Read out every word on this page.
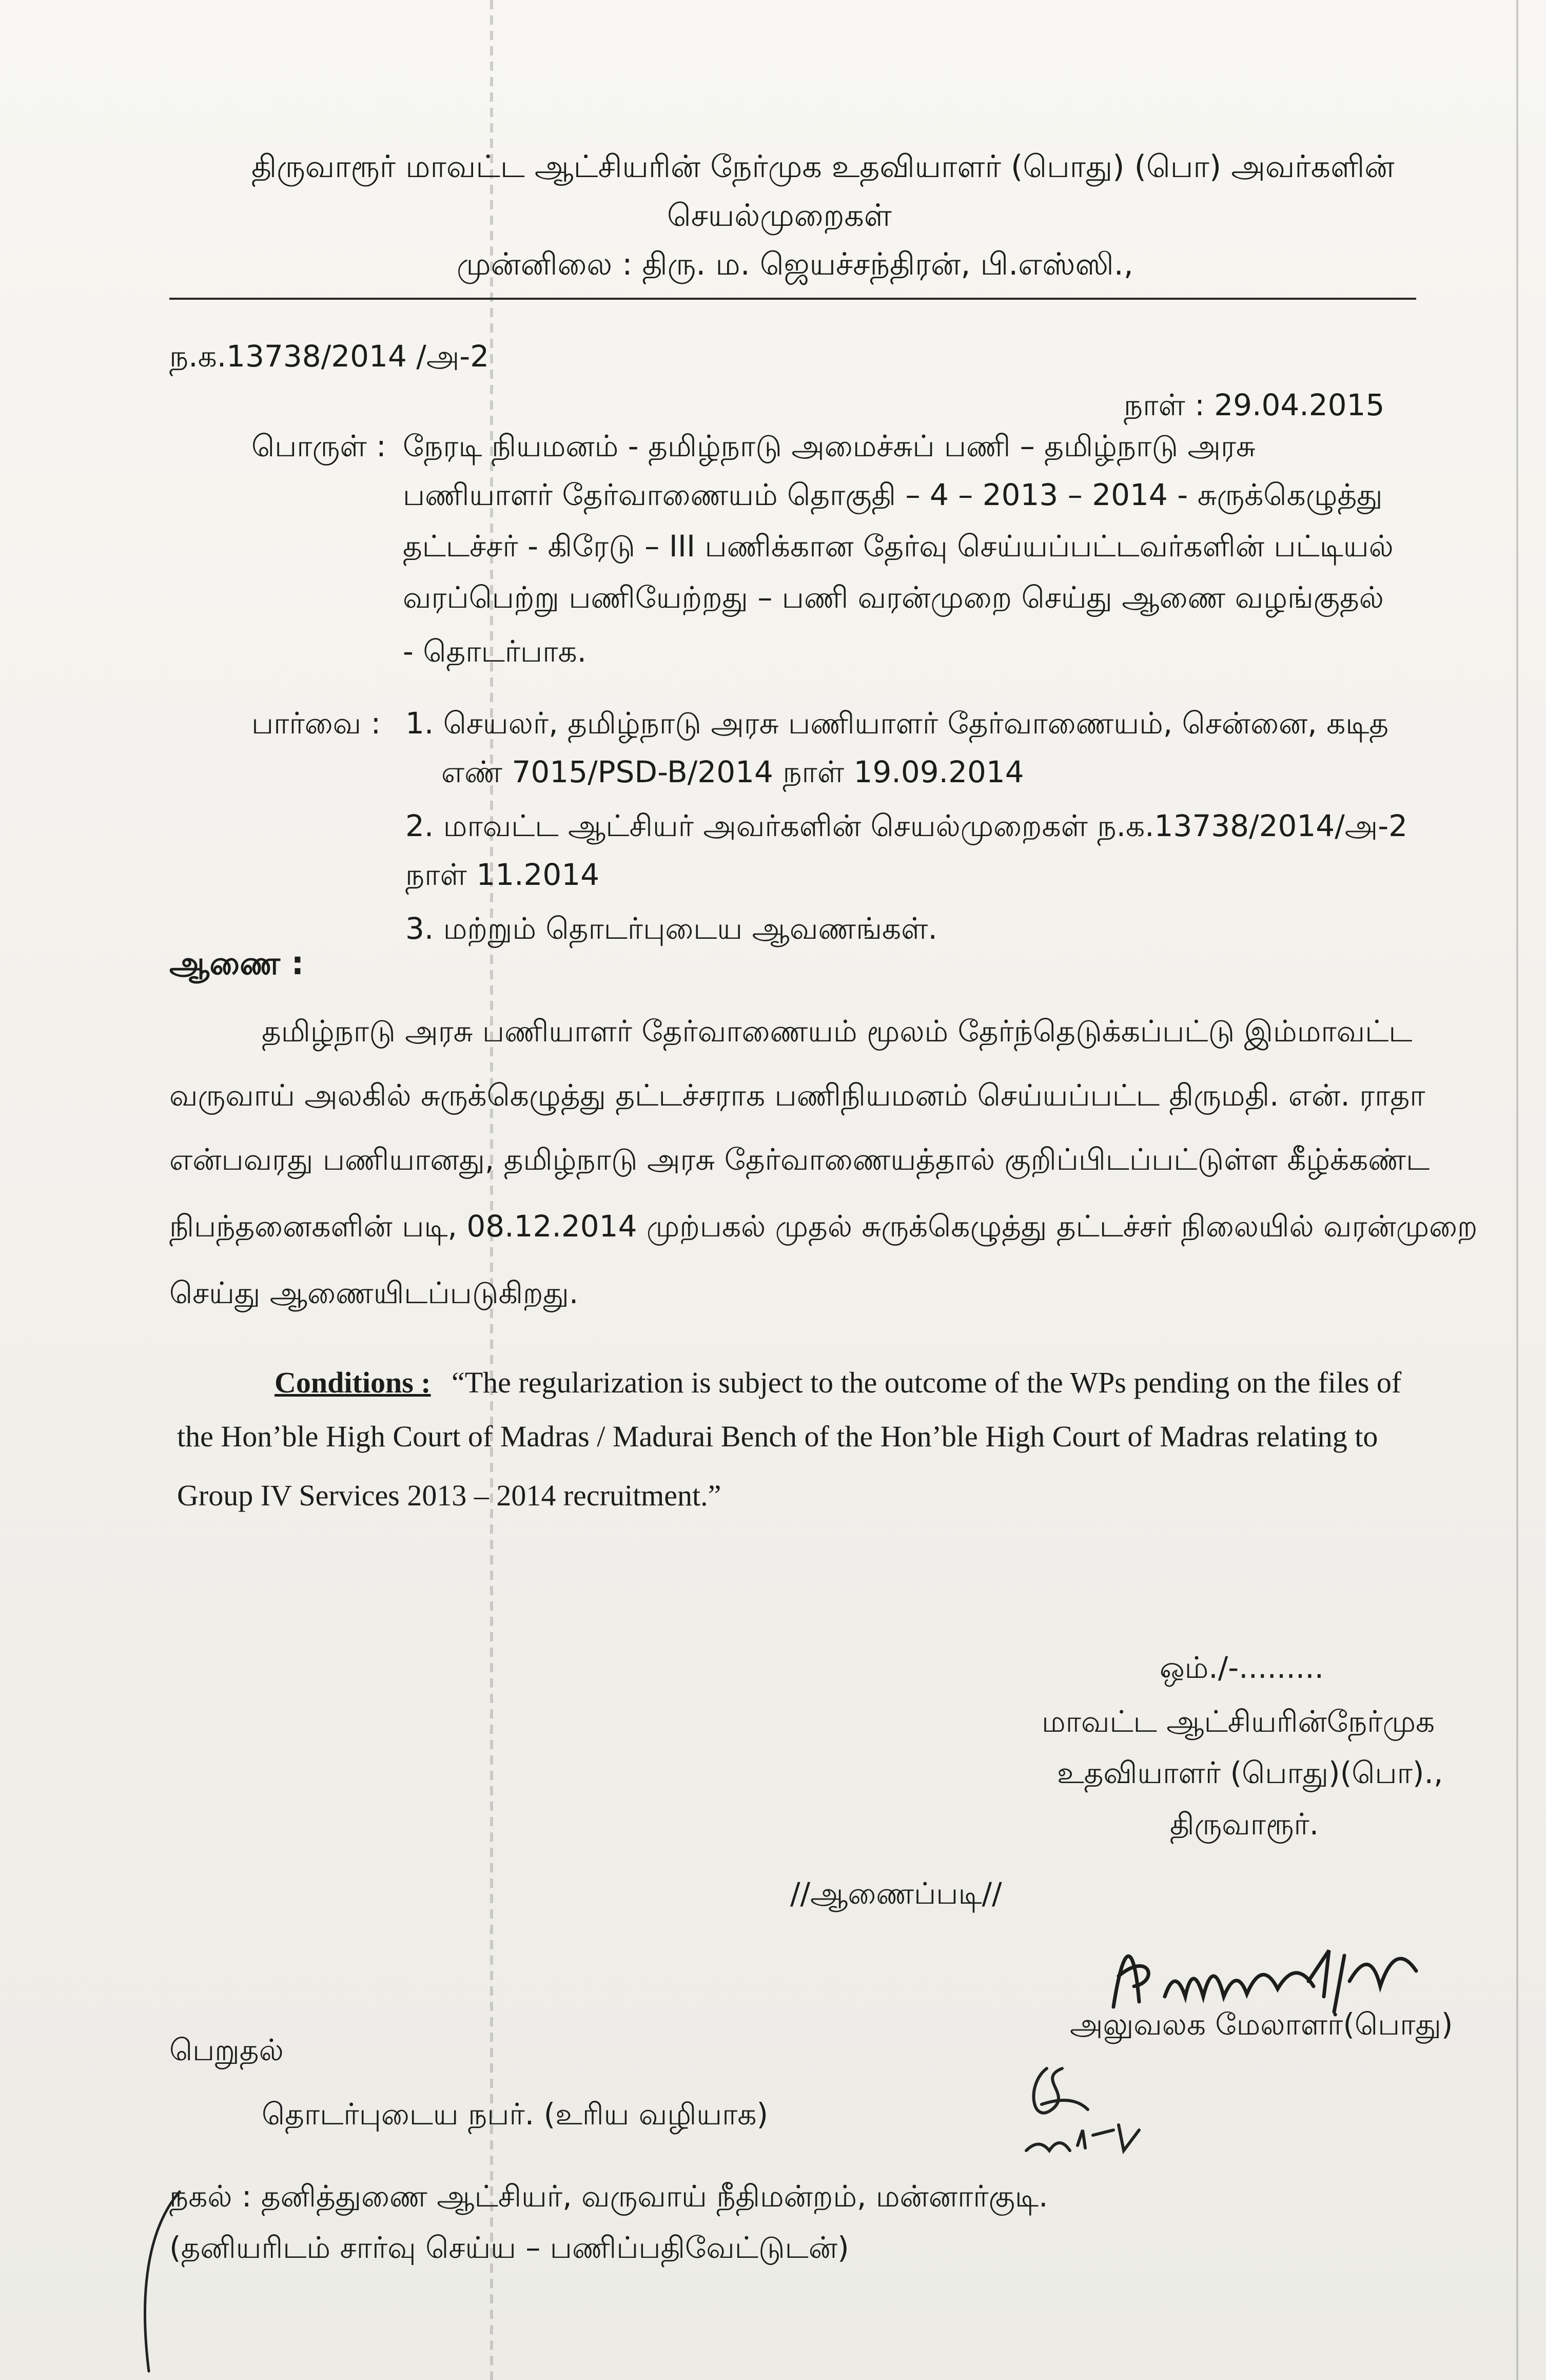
திருவாரூர் மாவட்ட ஆட்சியரின் நேர்முக உதவியாளர் (பொது) (பொ) அவர்களின்
செயல்முறைகள்
முன்னிலை : திரு. ம. ஜெயச்சந்திரன், பி.எஸ்ஸி.,
ந.க.13738/2014 /அ-2
நாள் : 29.04.2015
பொருள் : நேரடி நியமனம் - தமிழ்நாடு அமைச்சுப் பணி – தமிழ்நாடு அரசு
பணியாளர் தேர்வாணையம் தொகுதி – 4 – 2013 – 2014 - சுருக்கெழுத்து
தட்டச்சர் - கிரேடு – III பணிக்கான தேர்வு செய்யப்பட்டவர்களின் பட்டியல்
வரப்பெற்று பணியேற்றது – பணி வரன்முறை செய்து ஆணை வழங்குதல்
- தொடர்பாக.
பார்வை : 1. செயலர், தமிழ்நாடு அரசு பணியாளர் தேர்வாணையம், சென்னை, கடித
எண் 7015/PSD-B/2014 நாள் 19.09.2014
2. மாவட்ட ஆட்சியர் அவர்களின் செயல்முறைகள் ந.க.13738/2014/அ-2
நாள் 11.2014
3. மற்றும் தொடர்புடைய ஆவணங்கள்.
ஆணை :
தமிழ்நாடு அரசு பணியாளர் தேர்வாணையம் மூலம் தேர்ந்தெடுக்கப்பட்டு இம்மாவட்ட
வருவாய் அலகில் சுருக்கெழுத்து தட்டச்சராக பணிநியமனம் செய்யப்பட்ட திருமதி. என். ராதா
என்பவரது பணியானது, தமிழ்நாடு அரசு தேர்வாணையத்தால் குறிப்பிடப்பட்டுள்ள கீழ்க்கண்ட
நிபந்தனைகளின் படி, 08.12.2014 முற்பகல் முதல் சுருக்கெழுத்து தட்டச்சர் நிலையில் வரன்முறை
செய்து ஆணையிடப்படுகிறது.
Conditions : “The regularization is subject to the outcome of the WPs pending on the files of
the Hon’ble High Court of Madras / Madurai Bench of the Hon’ble High Court of Madras relating to
Group IV Services 2013 – 2014 recruitment.”
ஒம்./-.........
மாவட்ட ஆட்சியரின்நேர்முக
உதவியாளர் (பொது)(பொ).,
திருவாரூர்.
//ஆணைப்படி//
அலுவலக மேலாளர்(பொது)
பெறுதல்
தொடர்புடைய நபர். (உரிய வழியாக)
நகல் : தனித்துணை ஆட்சியர், வருவாய் நீதிமன்றம், மன்னார்குடி.
(தனியரிடம் சார்வு செய்ய – பணிப்பதிவேட்டுடன்)
